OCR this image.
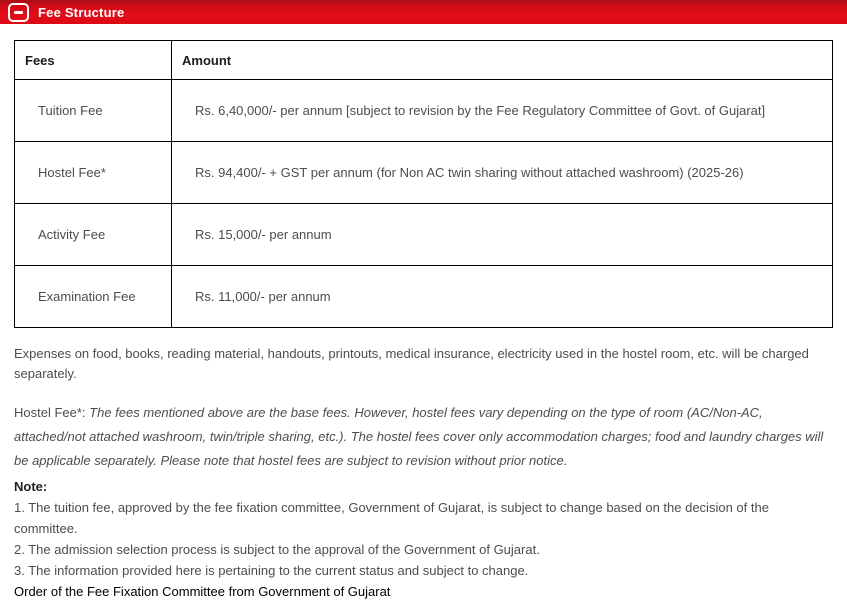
Fee Structure
Fees	Amount
Tuition Fee	Rs. 6,40,000/- per annum [subject to revision by the Fee Regulatory Committee of Govt. of Gujarat]
Hostel Fee*	Rs. 94,400/- + GST per annum (for Non AC twin sharing without attached washroom) (2025-26)
Activity Fee	Rs. 15,000/- per annum
Examination Fee	Rs. 11,000/- per annum

Expenses on food, books, reading material, handouts, printouts, medical insurance, electricity used in the hostel room, etc. will be charged separately.

Hostel Fee*: The fees mentioned above are the base fees. However, hostel fees vary depending on the type of room (AC/Non-AC, attached/not attached washroom, twin/triple sharing, etc.). The hostel fees cover only accommodation charges; food and laundry charges will be applicable separately. Please note that hostel fees are subject to revision without prior notice.

Note:

1. The tuition fee, approved by the fee fixation committee, Government of Gujarat, is subject to change based on the decision of the committee.

2. The admission selection process is subject to the approval of the Government of Gujarat.

3. The information provided here is pertaining to the current status and subject to change.

Order of the Fee Fixation Committee from Government of Gujarat
